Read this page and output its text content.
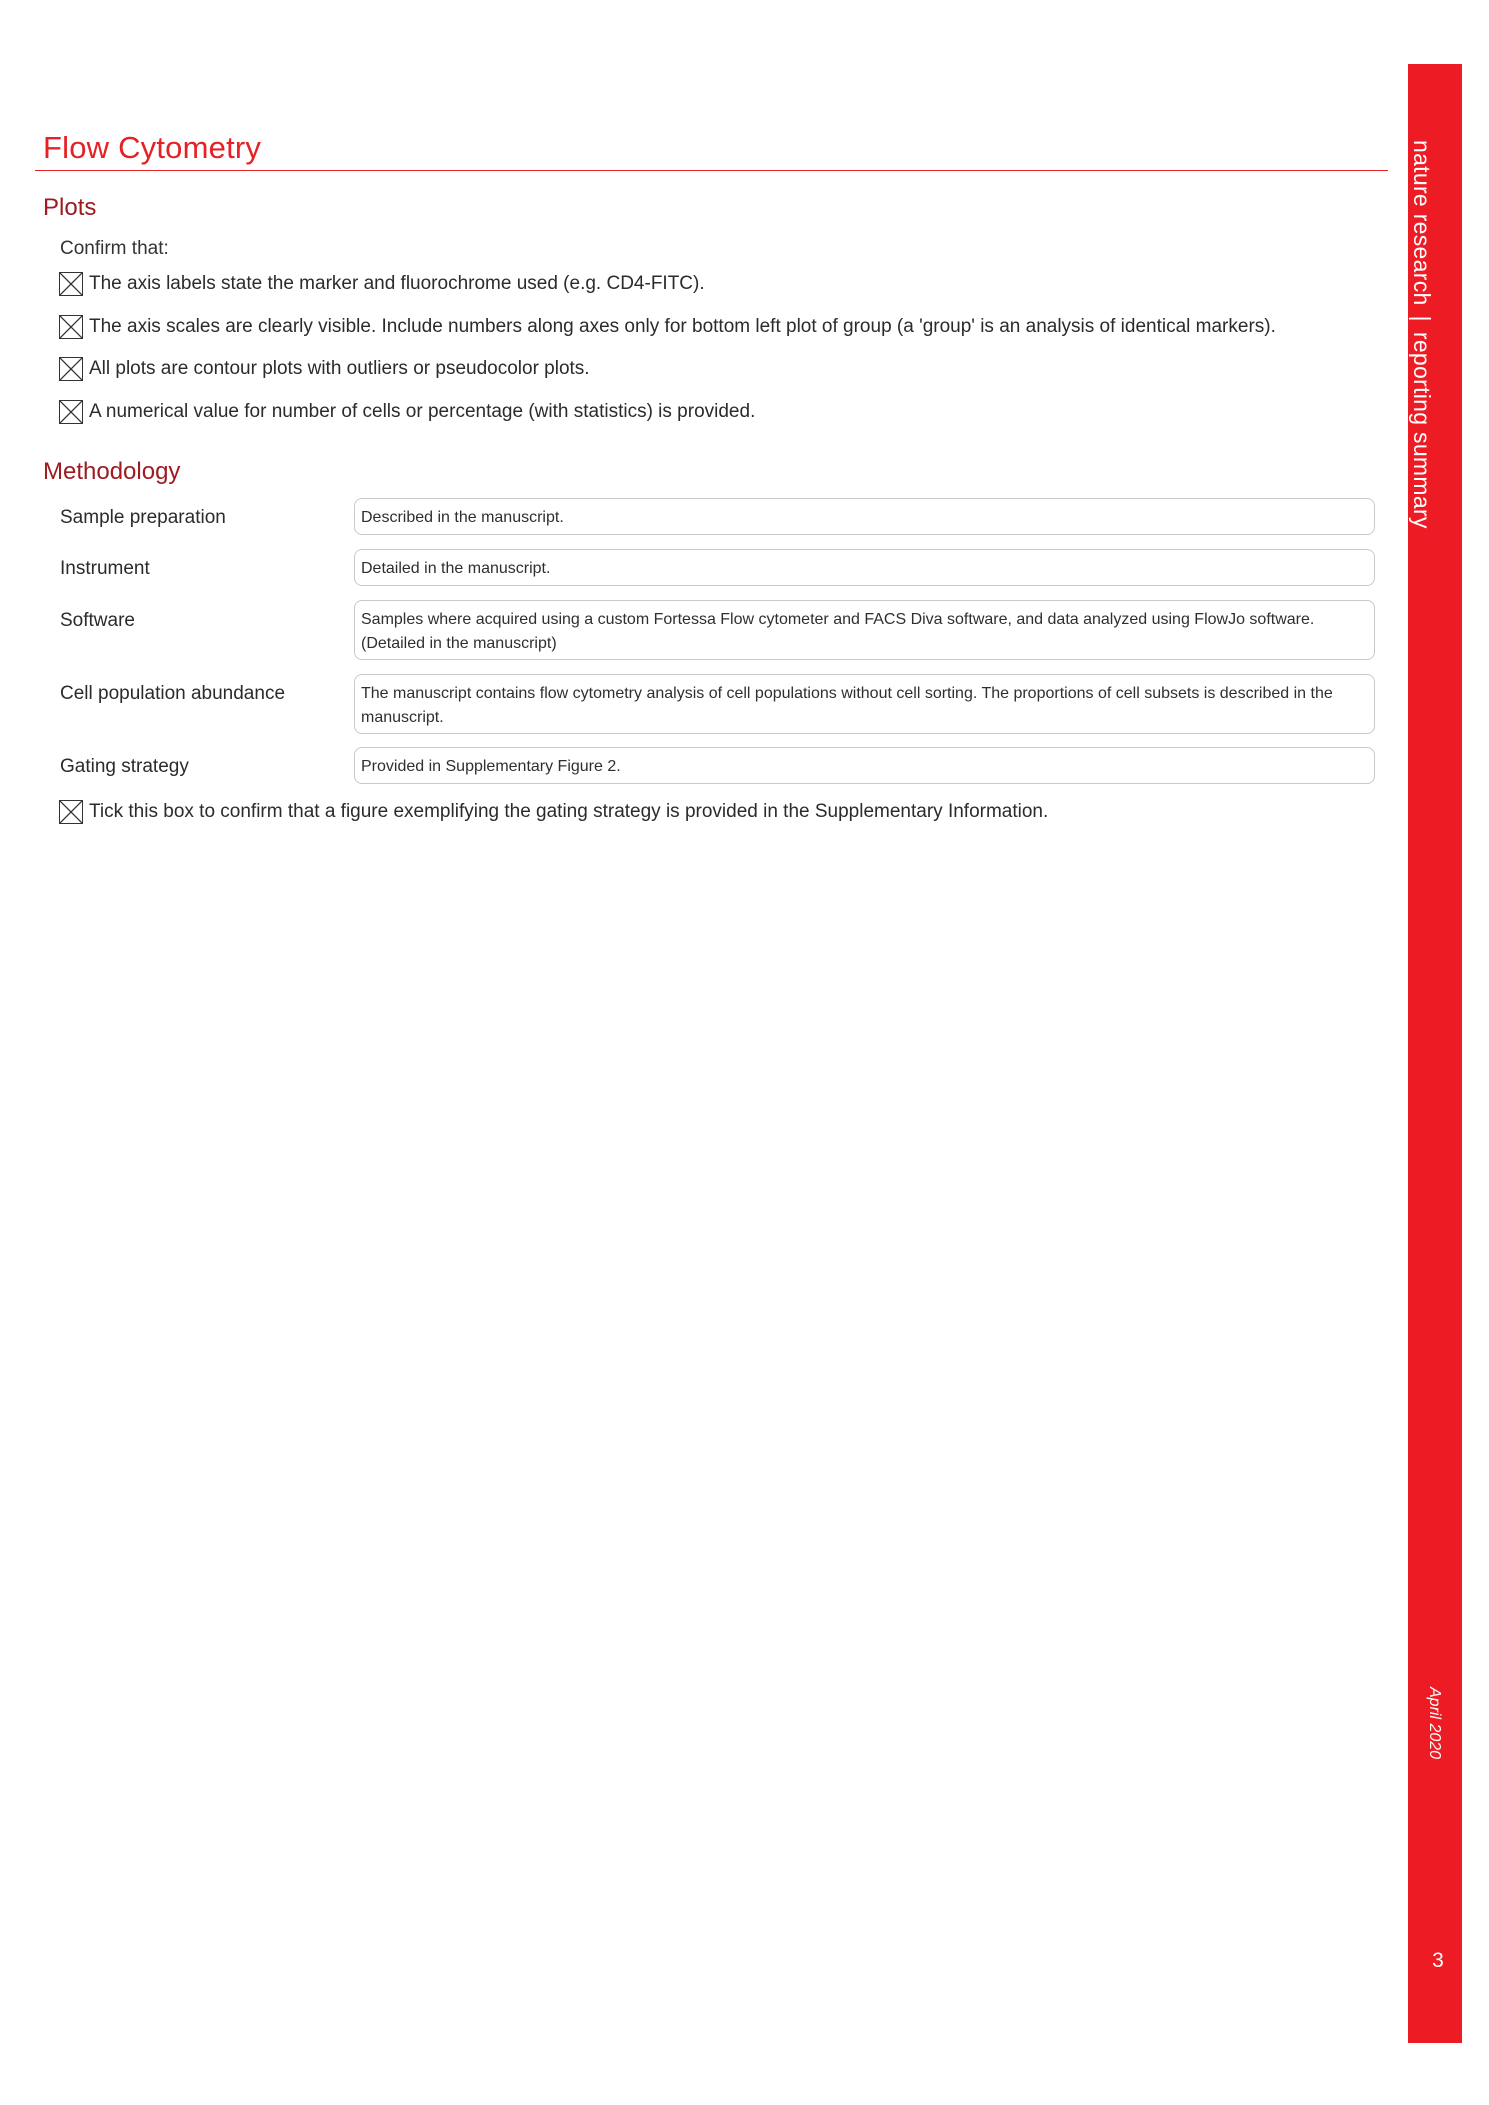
Flow Cytometry
Plots
Confirm that:
The axis labels state the marker and fluorochrome used (e.g. CD4-FITC).
The axis scales are clearly visible. Include numbers along axes only for bottom left plot of group (a 'group' is an analysis of identical markers).
All plots are contour plots with outliers or pseudocolor plots.
A numerical value for number of cells or percentage (with statistics) is provided.
Methodology
Sample preparation	Described in the manuscript.
Instrument	Detailed in the manuscript.
Software	Samples where acquired using a custom Fortessa Flow cytometer and FACS Diva software, and data analyzed using FlowJo software. (Detailed in the manuscript)
Cell population abundance	The manuscript contains flow cytometry analysis of cell populations without cell sorting. The proportions of cell subsets is described in the manuscript.
Gating strategy	Provided in Supplementary Figure 2.
Tick this box to confirm that a figure exemplifying the gating strategy is provided in the Supplementary Information.
nature research|reporting summary
April 2020
3
